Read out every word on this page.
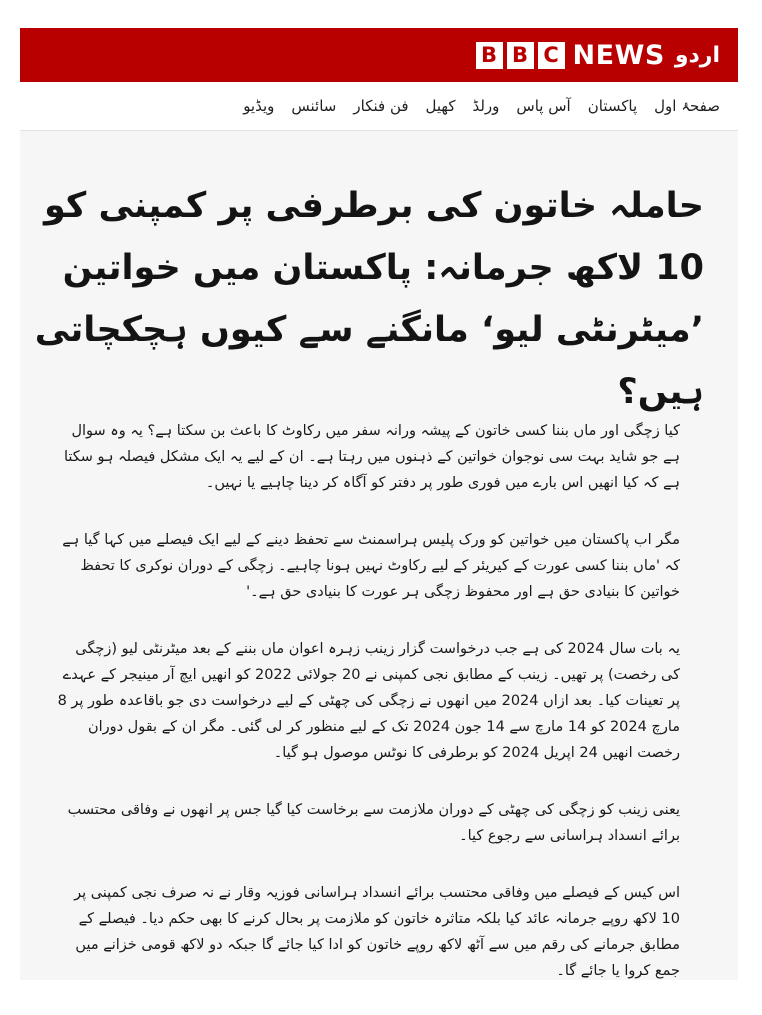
B B C NEWS اردو
صفحۂ اول
پاکستان
آس پاس
ورلڈ
کھیل
فن فنکار
سائنس
ویڈیو
حاملہ خاتون کی برطرفی پر کمپنی کو 10 لاکھ جرمانہ: پاکستان میں خواتین ’میٹرنٹی لیو‘ مانگنے سے کیوں ہچکچاتی ہیں؟

کیا زچگی اور ماں بننا کسی خاتون کے پیشہ ورانہ سفر میں رکاوٹ کا باعث بن سکتا ہے؟ یہ وہ سوال ہے جو شاید بہت سی نوجوان خواتین کے ذہنوں میں رہتا ہے۔ ان کے لیے یہ ایک مشکل فیصلہ ہو سکتا ہے کہ کیا انھیں اس بارے میں فوری طور پر دفتر کو آگاہ کر دینا چاہیے یا نہیں۔

مگر اب پاکستان میں خواتین کو ورک پلیس ہراسمنٹ سے تحفظ دینے کے لیے ایک فیصلے میں کہا گیا ہے کہ 'ماں بننا کسی عورت کے کیریئر کے لیے رکاوٹ نہیں ہونا چاہیے۔ زچگی کے دوران نوکری کا تحفظ خواتین کا بنیادی حق ہے اور محفوظ زچگی ہر عورت کا بنیادی حق ہے۔'

یہ بات سال 2024 کی ہے جب درخواست گزار زینب زہرہ اعوان ماں بننے کے بعد میٹرنٹی لیو (زچگی کی رخصت) پر تھیں۔ زینب کے مطابق نجی کمپنی نے 20 جولائی 2022 کو انھیں ایچ آر مینیجر کے عہدے پر تعینات کیا۔ بعد ازاں 2024 میں انھوں نے زچگی کی چھٹی کے لیے درخواست دی جو باقاعدہ طور پر 8 مارچ 2024 کو 14 مارچ سے 14 جون 2024 تک کے لیے منظور کر لی گئی۔ مگر ان کے بقول دوران رخصت انھیں 24 اپریل 2024 کو برطرفی کا نوٹس موصول ہو گیا۔

یعنی زینب کو زچگی کی چھٹی کے دوران ملازمت سے برخاست کیا گیا جس پر انھوں نے وفاقی محتسب برائے انسداد ہراسانی سے رجوع کیا۔

اس کیس کے فیصلے میں وفاقی محتسب برائے انسداد ہراسانی فوزیہ وقار نے نہ صرف نجی کمپنی پر 10 لاکھ روپے جرمانہ عائد کیا بلکہ متاثرہ خاتون کو ملازمت پر بحال کرنے کا بھی حکم دیا۔ فیصلے کے مطابق جرمانے کی رقم میں سے آٹھ لاکھ روپے خاتون کو ادا کیا جائے گا جبکہ دو لاکھ قومی خزانے میں جمع کروا یا جائے گا۔
